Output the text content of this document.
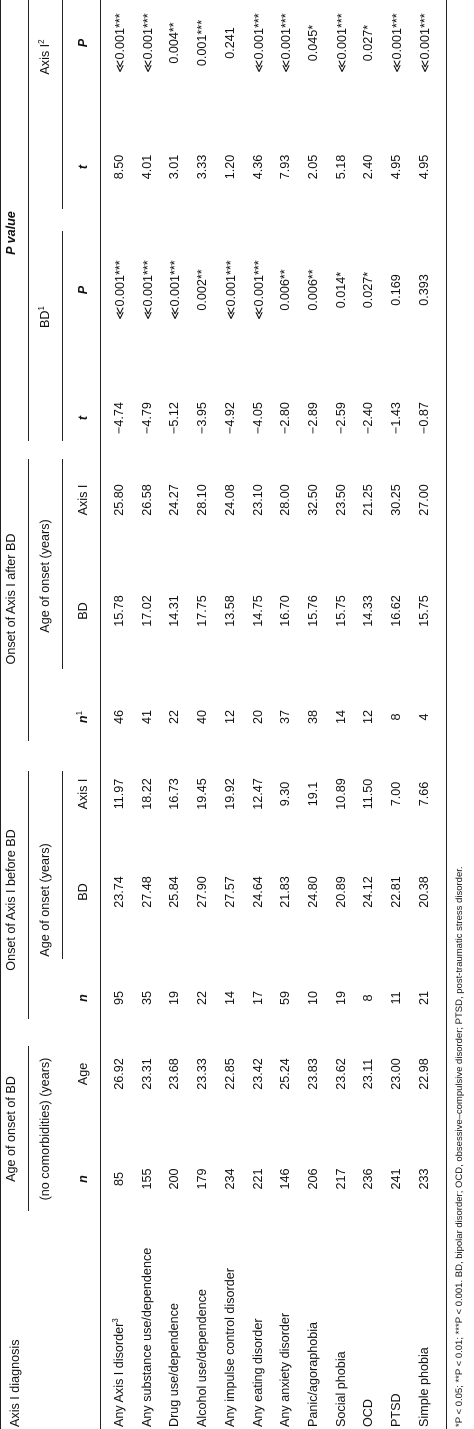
Axis I diagnosis
Age of onset of BD (no comorbidities) (years)
Onset of Axis I before BD
Onset of Axis I after BD
P value
Age of onset (years)
Age of onset (years)
$BD^1$
Axis $I^2$
n
Age
n
BD
Axis I
$n^1$
BD
Axis I
t
P
t
P
Any Axis I disorder$^3$
85
26.92
95
23.74
11.97
46
15.78
25.80
−4.74
≪0.001***
8.50
≪0.001***
Any substance use/dependence
155
23.31
35
27.48
18.22
41
17.02
26.58
−4.79
≪0.001***
4.01
≪0.001***
Drug use/dependence
200
23.68
19
25.84
16.73
22
14.31
24.27
−5.12
≪0.001***
3.01
0.004**
Alcohol use/dependence
179
23.33
22
27.90
19.45
40
17.75
28.10
−3.95
0.002**
3.33
0.001***
Any impulse control disorder
234
22.85
14
27.57
19.92
12
13.58
24.08
−4.92
≪0.001***
1.20
0.241
Any eating disorder
221
23.42
17
24.64
12.47
20
14.75
23.10
−4.05
≪0.001***
4.36
≪0.001***
Any anxiety disorder
146
25.24
59
21.83
9.30
37
16.70
28.00
−2.80
0.006**
7.93
≪0.001***
Panic/agoraphobia
206
23.83
10
24.80
19.1
38
15.76
32.50
−2.89
0.006**
2.05
0.045*
Social phobia
217
23.62
19
20.89
10.89
14
15.75
23.50
−2.59
0.014*
5.18
≪0.001***
OCD
236
23.11
8
24.12
11.50
12
14.33
21.25
−2.40
0.027*
2.40
0.027*
PTSD
241
23.00
11
22.81
7.00
8
16.62
30.25
−1.43
0.169
4.95
≪0.001***
Simple phobia
233
22.98
21
20.38
7.66
4
15.75
27.00
−0.87
0.393
4.95
≪0.001***
*P < 0.05; **P < 0.01; ***P < 0.001. BD, bipolar disorder; OCD, obsessive–compulsive disorder; PTSD, post-traumatic stress disorder.
